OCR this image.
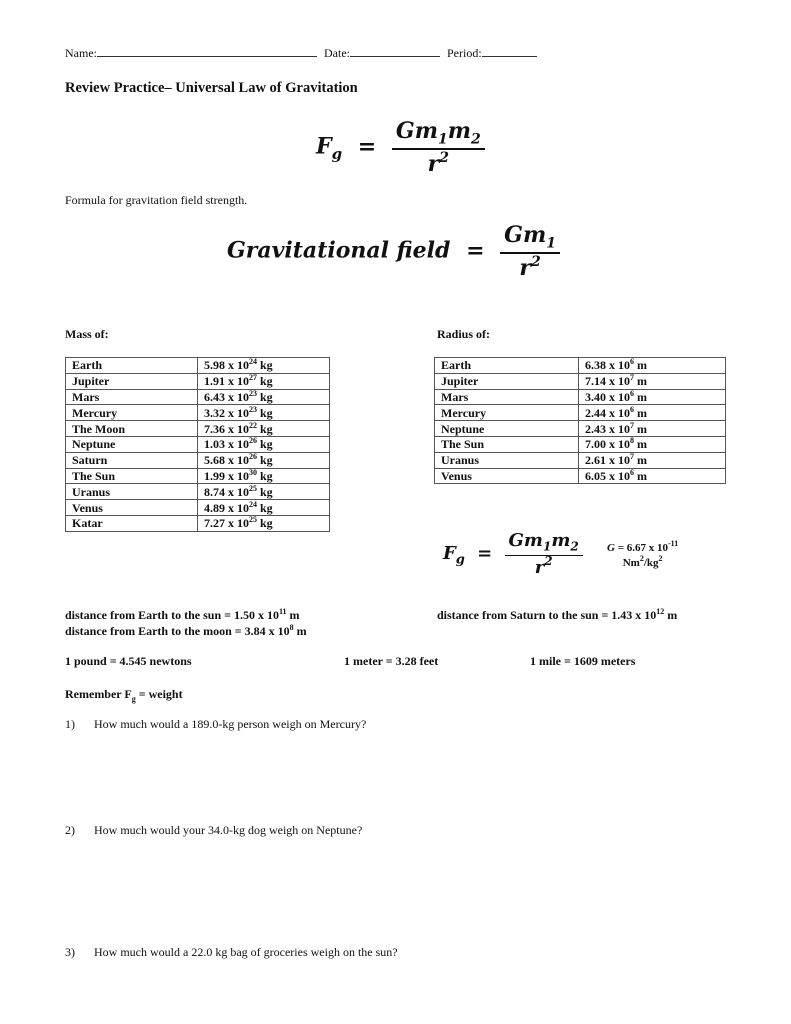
Name:	Date:	Period:
Review Practice– Universal Law of Gravitation
$F_g = \frac{Gm_1m_2}{r^2}$
Formula for gravitation field strength.
Gravitational field = $\frac{Gm_1}{r^2}$
Mass of:	Radius of:
Earth	5.98 x $10^{24}$ kg
Jupiter	1.91 x $10^{27}$ kg
Mars	6.43 x $10^{23}$ kg
Mercury	3.32 x $10^{23}$ kg
The Moon	7.36 x $10^{22}$ kg
Neptune	1.03 x $10^{26}$ kg
Saturn	5.68 x $10^{26}$ kg
The Sun	1.99 x $10^{30}$ kg
Uranus	8.74 x $10^{25}$ kg
Venus	4.89 x $10^{24}$ kg
Katar	7.27 x $10^{25}$ kg
Earth	6.38 x $10^6$ m
Jupiter	7.14 x $10^7$ m
Mars	3.40 x $10^6$ m
Mercury	2.44 x $10^6$ m
Neptune	2.43 x $10^7$ m
The Sun	7.00 x $10^8$ m
Uranus	2.61 x $10^7$ m
Venus	6.05 x $10^6$ m
$F_g = \frac{Gm_1m_2}{r^2}$ G = 6.67 x $10^{-11}$
$Nm^2/kg^2$
distance from Earth to the sun = 1.50 x $10^{11}$ m
distance from Earth to the moon = 3.84 x $10^8$ m
distance from Saturn to the sun = 1.43 x $10^{12}$ m
1 pound = 4.545 newtons	1 meter = 3.28 feet	1 mile = 1609 meters
Remember $F_g$ = weight
1) How much would a 189.0-kg person weigh on Mercury?
2) How much would your 34.0-kg dog weigh on Neptune?
3) How much would a 22.0 kg bag of groceries weigh on the sun?
